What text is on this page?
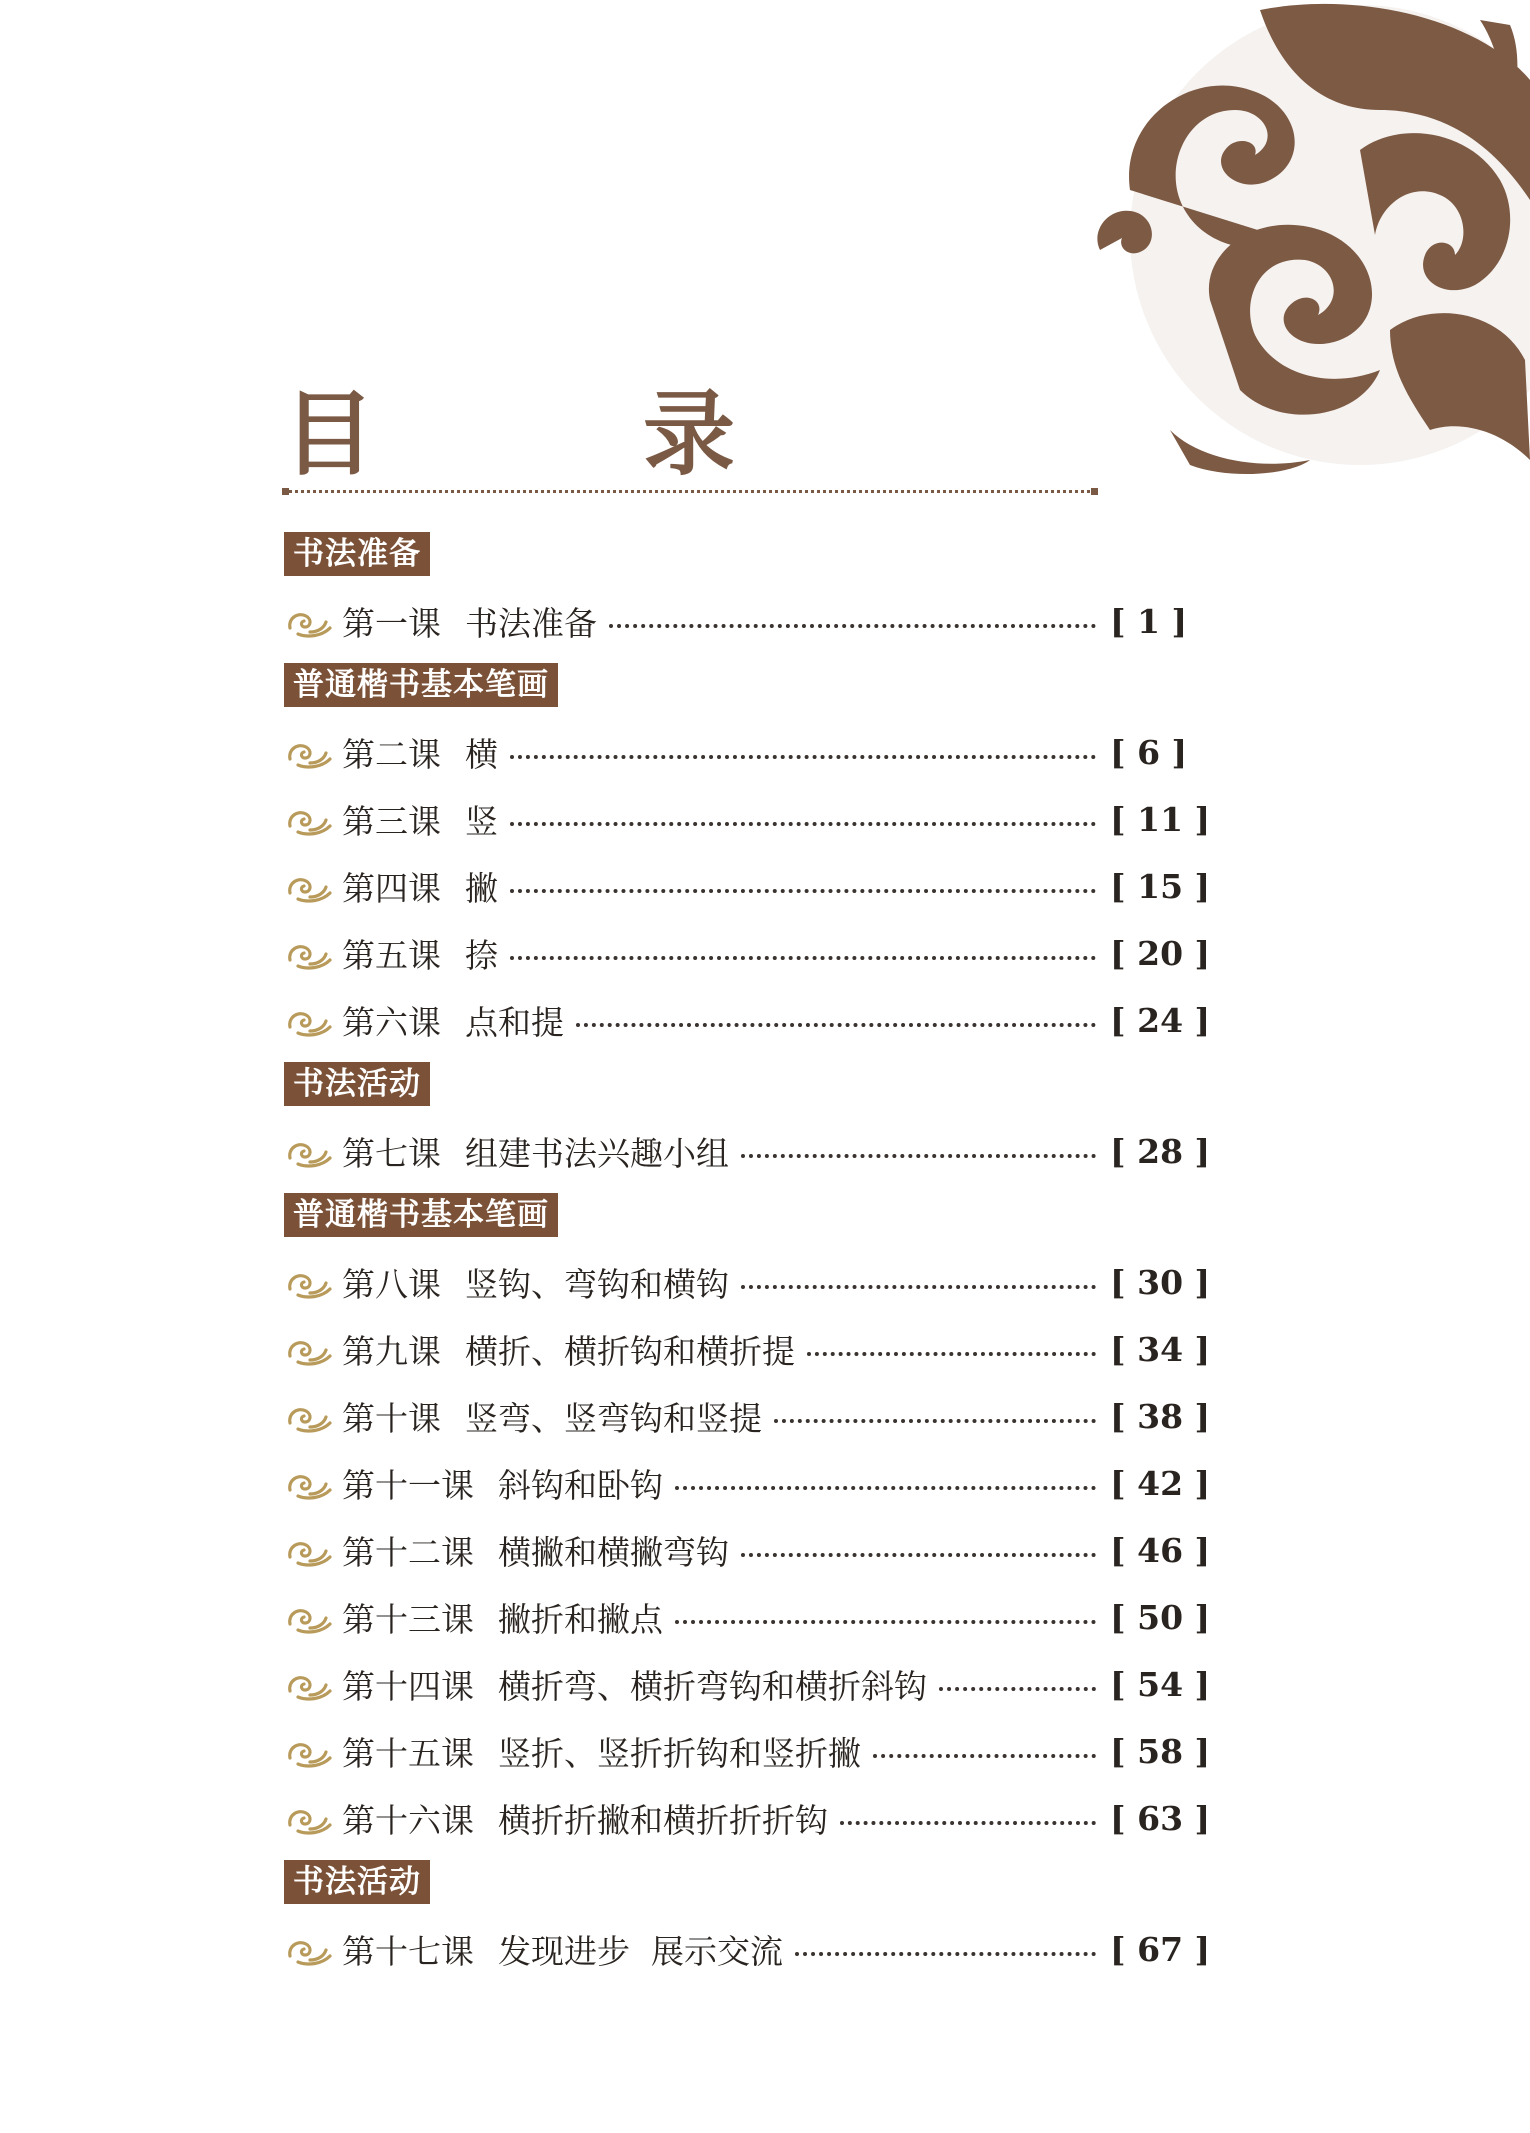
目　录
书法准备
第一课 书法准备	[ 1 ]
普通楷书基本笔画
第二课 横	[ 6 ]
第三课 竖	[ 11 ]
第四课 撇	[ 15 ]
第五课 捺	[ 20 ]
第六课 点和提	[ 24 ]
书法活动
第七课 组建书法兴趣小组	[ 28 ]
普通楷书基本笔画
第八课 竖钩、弯钩和横钩	[ 30 ]
第九课 横折、横折钩和横折提	[ 34 ]
第十课 竖弯、竖弯钩和竖提	[ 38 ]
第十一课 斜钩和卧钩	[ 42 ]
第十二课 横撇和横撇弯钩	[ 46 ]
第十三课 撇折和撇点	[ 50 ]
第十四课 横折弯、横折弯钩和横折斜钩	[ 54 ]
第十五课 竖折、竖折折钩和竖折撇	[ 58 ]
第十六课 横折折撇和横折折折钩	[ 63 ]
书法活动
第十七课 发现进步  展示交流	[ 67 ]
